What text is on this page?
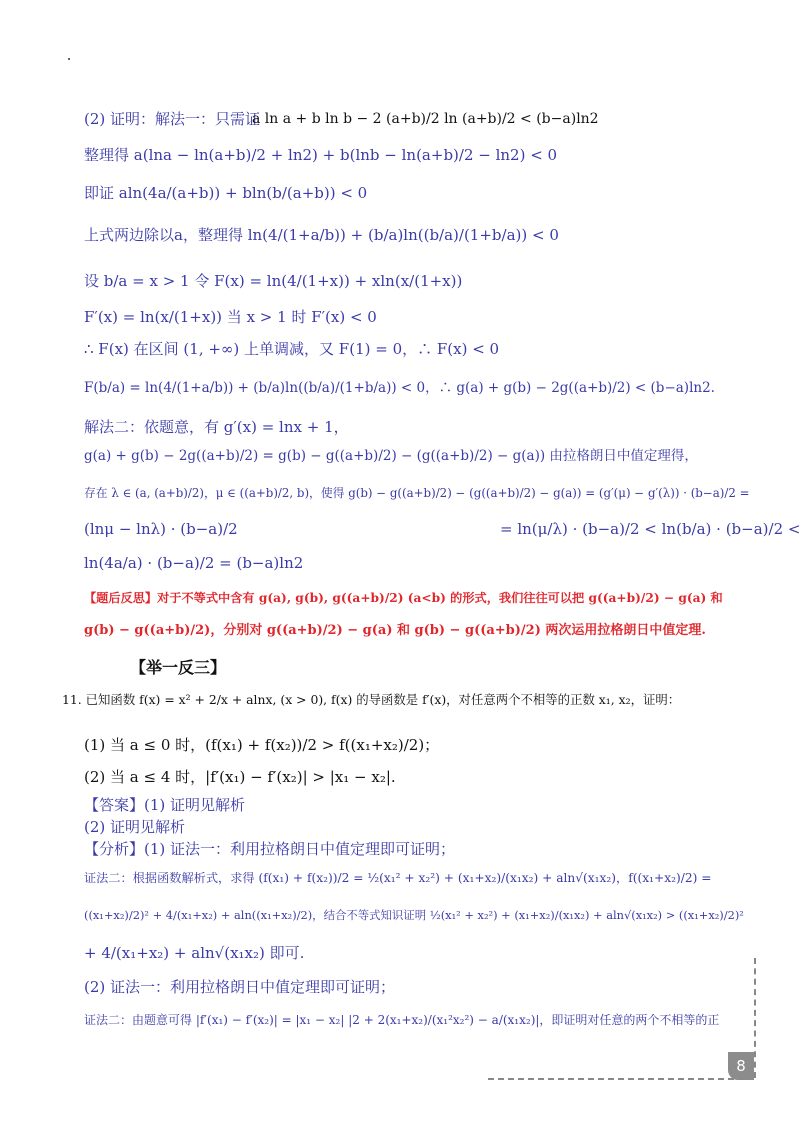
(2) 证明：解法一：只需证
a ln a + b ln b − 2 (a+b)/2 ln (a+b)/2 < (b−a)ln2
整理得 a(lna − ln(a+b)/2 + ln2) + b(lnb − ln(a+b)/2 − ln2) < 0
即证 aln(4a/(a+b)) + bln(b/(a+b)) < 0
上式两边除以a，整理得 ln(4/(1+a/b)) + (b/a)ln((b/a)/(1+b/a)) < 0
设 b/a = x > 1 令 F(x) = ln(4/(1+x)) + xln(x/(1+x))
F′(x) = ln(x/(1+x)) 当 x > 1 时 F′(x) < 0
∴ F(x) 在区间 (1, +∞) 上单调减，又 F(1) = 0，∴ F(x) < 0
F(b/a) = ln(4/(1+a/b)) + (b/a)ln((b/a)/(1+b/a)) < 0，∴ g(a) + g(b) − 2g((a+b)/2) < (b−a)ln2.
解法二：依题意，有 g′(x) = lnx + 1，
g(a) + g(b) − 2g((a+b)/2) = g(b) − g((a+b)/2) − (g((a+b)/2) − g(a)) 由拉格朗日中值定理得，
存在 λ ∈ (a, (a+b)/2)，μ ∈ ((a+b)/2, b)，使得 g(b) − g((a+b)/2) − (g((a+b)/2) − g(a)) = (g′(μ) − g′(λ)) · (b−a)/2 =
(lnμ − lnλ) · (b−a)/2	= ln(μ/λ) · (b−a)/2 < ln(b/a) · (b−a)/2 <
ln(4a/a) · (b−a)/2 = (b−a)ln2
【题后反思】对于不等式中含有 g(a), g(b), g((a+b)/2) (a<b) 的形式，我们往往可以把 g((a+b)/2) − g(a) 和
g(b) − g((a+b)/2)，分别对 g((a+b)/2) − g(a) 和 g(b) − g((a+b)/2) 两次运用拉格朗日中值定理.
【举一反三】
11. 已知函数 f(x) = x² + 2/x + alnx, (x > 0), f(x) 的导函数是 f′(x)，对任意两个不相等的正数 x₁, x₂，证明：
(1) 当 a ≤ 0 时，(f(x₁) + f(x₂))/2 > f((x₁+x₂)/2)；
(2) 当 a ≤ 4 时，|f′(x₁) − f′(x₂)| > |x₁ − x₂|.
【答案】(1) 证明见解析
(2) 证明见解析
【分析】(1) 证法一：利用拉格朗日中值定理即可证明；
证法二：根据函数解析式，求得 (f(x₁) + f(x₂))/2 = ½(x₁² + x₂²) + (x₁+x₂)/(x₁x₂) + aln√(x₁x₂)，f((x₁+x₂)/2) =
((x₁+x₂)/2)² + 4/(x₁+x₂) + aln((x₁+x₂)/2)，结合不等式知识证明 ½(x₁² + x₂²) + (x₁+x₂)/(x₁x₂) + aln√(x₁x₂) > ((x₁+x₂)/2)²
+ 4/(x₁+x₂) + aln√(x₁x₂) 即可.
(2) 证法一：利用拉格朗日中值定理即可证明；
证法二：由题意可得 |f′(x₁) − f′(x₂)| = |x₁ − x₂| |2 + 2(x₁+x₂)/(x₁²x₂²) − a/(x₁x₂)|，即证明对任意的两个不相等的正
8
